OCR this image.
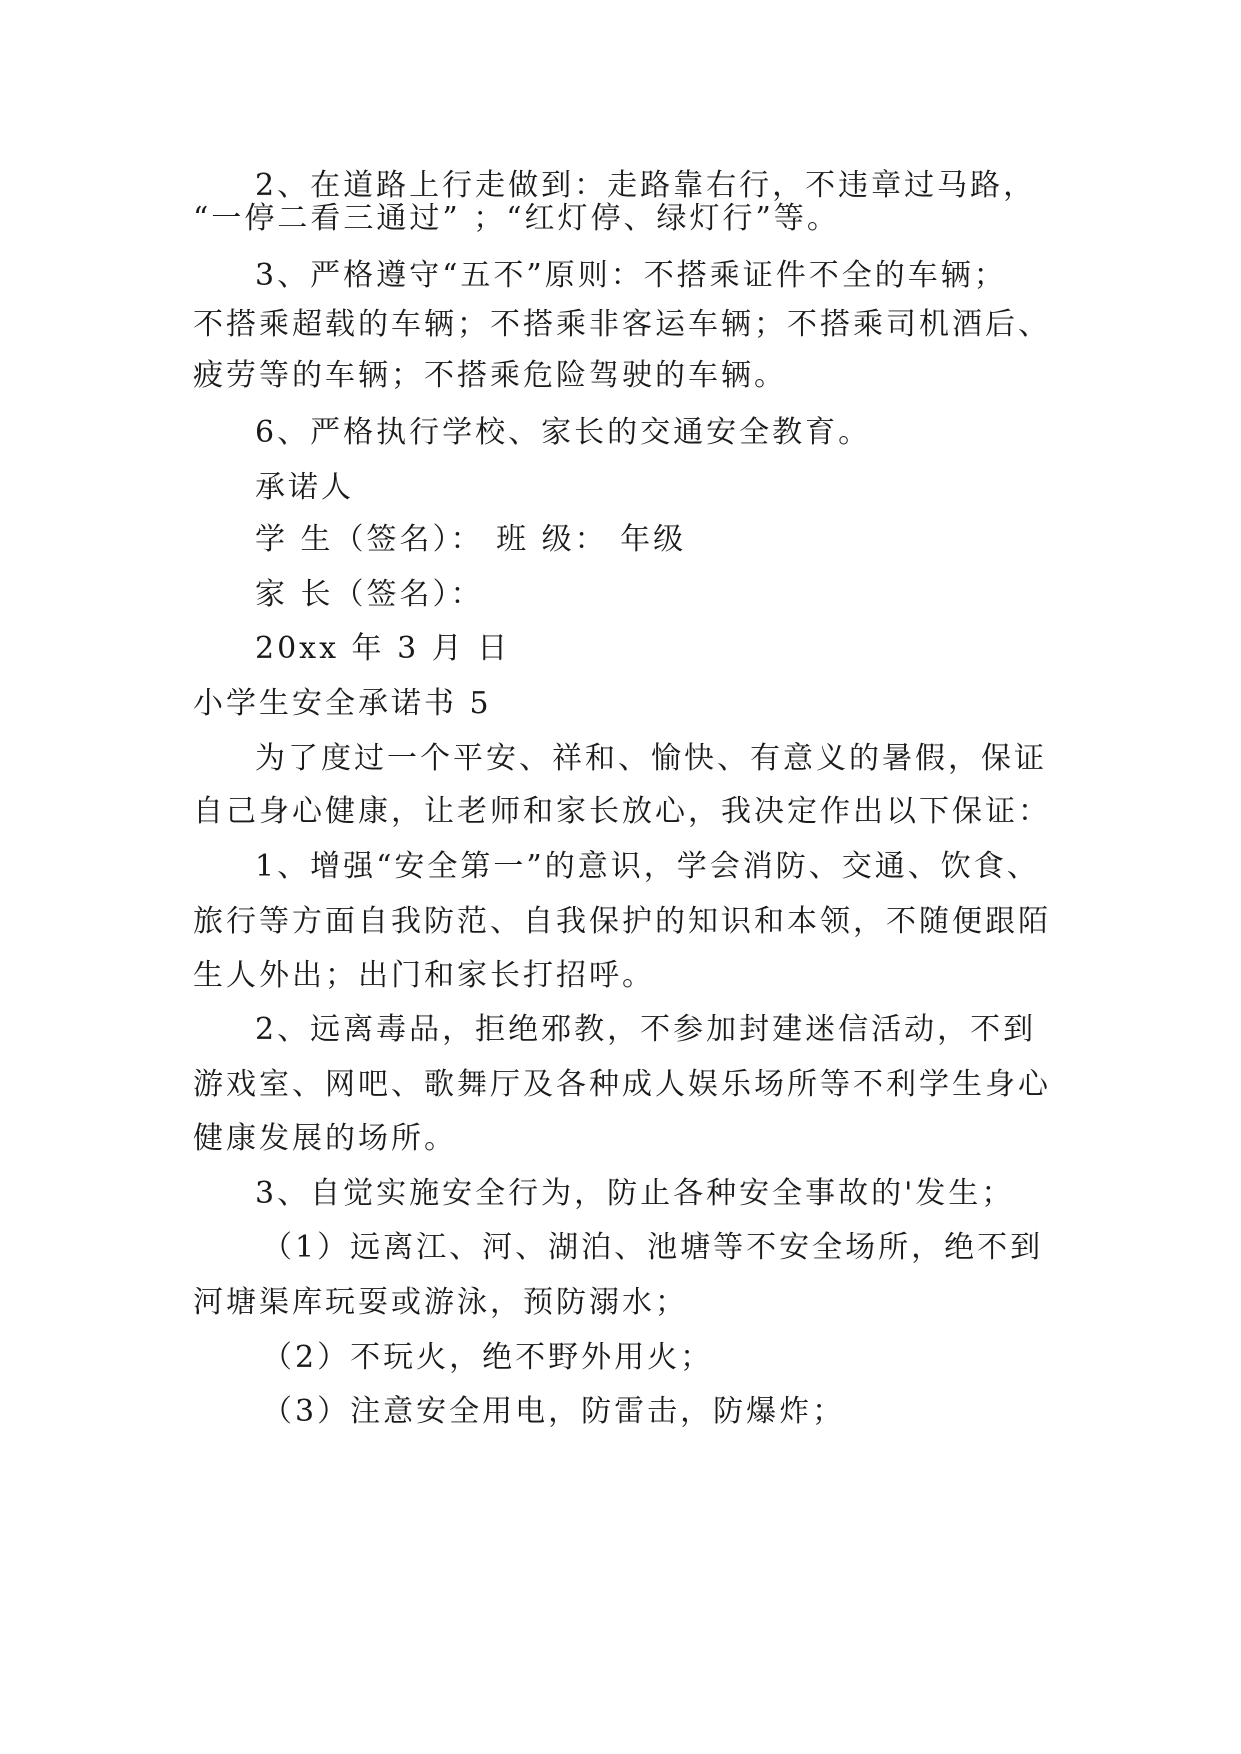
2、在道路上行走做到：走路靠右行，不违章过马路，
“一停二看三通过” ；“红灯停、绿灯行”等。
3、严格遵守“五不”原则：不搭乘证件不全的车辆；
不搭乘超载的车辆；不搭乘非客运车辆；不搭乘司机酒后、
疲劳等的车辆；不搭乘危险驾驶的车辆。
6、严格执行学校、家长的交通安全教育。
承诺人
学 生（签名）： 班 级： 年级
家 长（签名）：
20xx 年 3 月 日
小学生安全承诺书 5
为了度过一个平安、祥和、愉快、有意义的暑假，保证
自己身心健康，让老师和家长放心，我决定作出以下保证：
1、增强“安全第一”的意识，学会消防、交通、饮食、
旅行等方面自我防范、自我保护的知识和本领，不随便跟陌
生人外出；出门和家长打招呼。
2、远离毒品，拒绝邪教，不参加封建迷信活动，不到
游戏室、网吧、歌舞厅及各种成人娱乐场所等不利学生身心
健康发展的场所。
3、自觉实施安全行为，防止各种安全事故的'发生；
（1）远离江、河、湖泊、池塘等不安全场所，绝不到
河塘渠库玩耍或游泳，预防溺水；
（2）不玩火，绝不野外用火；
（3）注意安全用电，防雷击，防爆炸；
